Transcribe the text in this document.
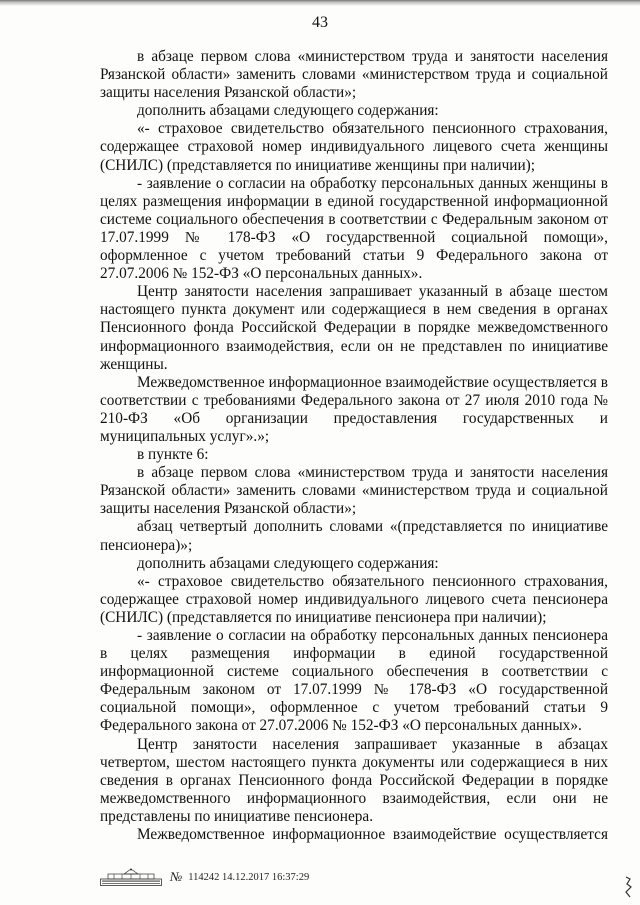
43

в абзаце первом слова «министерством труда и занятости населения Рязанской области» заменить словами «министерством труда и социальной защиты населения Рязанской области»;

дополнить абзацами следующего содержания:

«- страховое свидетельство обязательного пенсионного страхования, содержащее страховой номер индивидуального лицевого счета женщины (СНИЛС) (представляется по инициативе женщины при наличии);

- заявление о согласии на обработку персональных данных женщины в целях размещения информации в единой государственной информационной системе социального обеспечения в соответствии с Федеральным законом от 17.07.1999 № 178-ФЗ «О государственной социальной помощи», оформленное с учетом требований статьи 9 Федерального закона от 27.07.2006 № 152-ФЗ «О персональных данных».

Центр занятости населения запрашивает указанный в абзаце шестом настоящего пункта документ или содержащиеся в нем сведения в органах Пенсионного фонда Российской Федерации в порядке межведомственного информационного взаимодействия, если он не представлен по инициативе женщины.

Межведомственное информационное взаимодействие осуществляется в соответствии с требованиями Федерального закона от 27 июля 2010 года № 210-ФЗ «Об организации предоставления государственных и муниципальных услуг».»;

в пункте 6:

в абзаце первом слова «министерством труда и занятости населения Рязанской области» заменить словами «министерством труда и социальной защиты населения Рязанской области»;

абзац четвертый дополнить словами «(представляется по инициативе пенсионера)»;

дополнить абзацами следующего содержания:

«- страховое свидетельство обязательного пенсионного страхования, содержащее страховой номер индивидуального лицевого счета пенсионера (СНИЛС) (представляется по инициативе пенсионера при наличии);

- заявление о согласии на обработку персональных данных пенсионера в целях размещения информации в единой государственной информационной системе социального обеспечения в соответствии с Федеральным законом от 17.07.1999 № 178-ФЗ «О государственной социальной помощи», оформленное с учетом требований статьи 9 Федерального закона от 27.07.2006 № 152-ФЗ «О персональных данных».

Центр занятости населения запрашивает указанные в абзацах четвертом, шестом настоящего пункта документы или содержащиеся в них сведения в органах Пенсионного фонда Российской Федерации в порядке межведомственного информационного взаимодействия, если они не представлены по инициативе пенсионера.

Межведомственное информационное взаимодействие осуществляется

№ 114242 14.12.2017 16:37:29
